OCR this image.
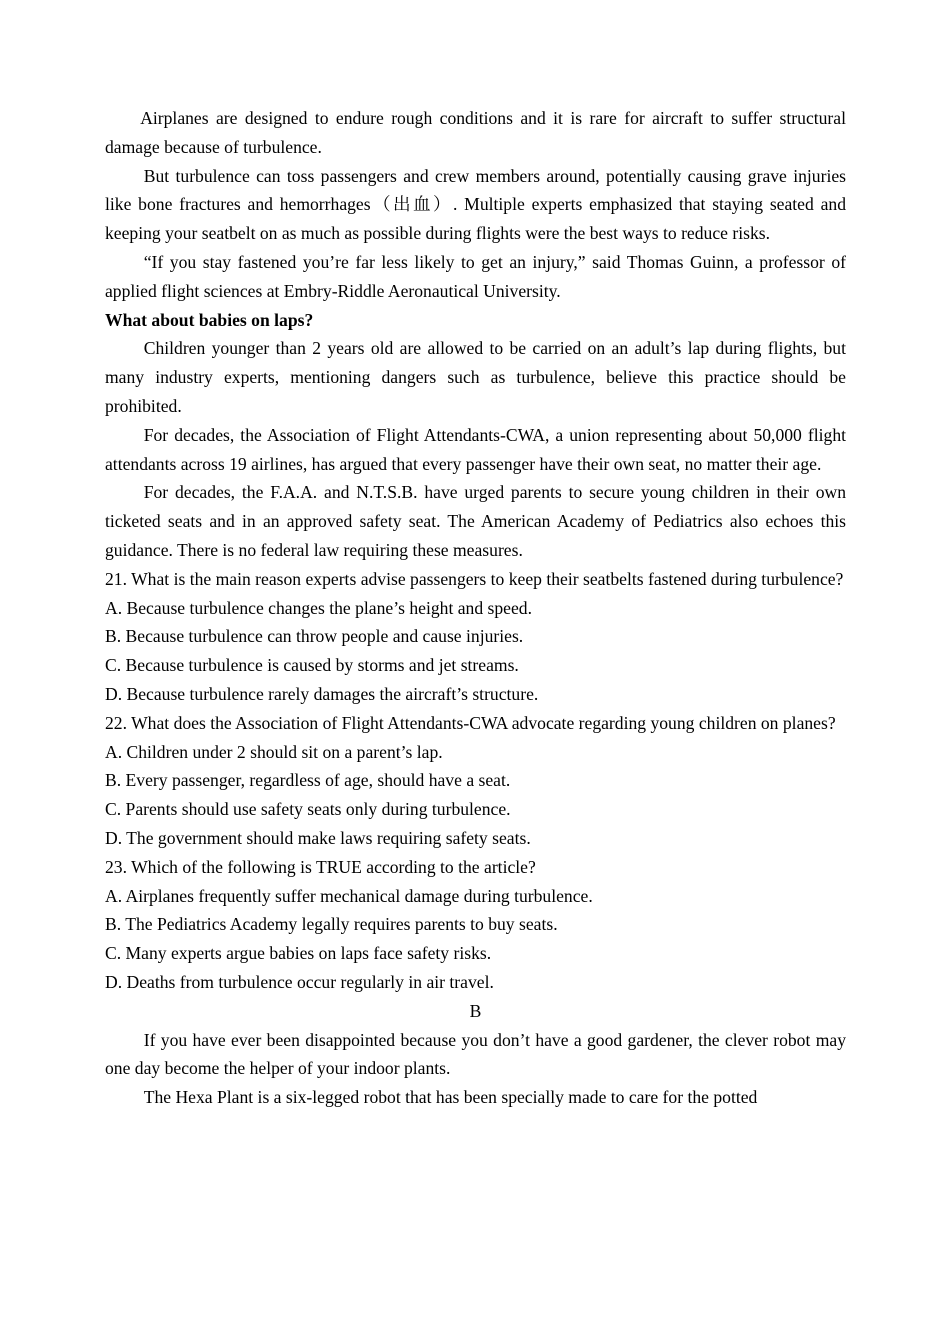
Airplanes are designed to endure rough conditions and it is rare for aircraft to suffer structural damage because of turbulence.

But turbulence can toss passengers and crew members around, potentially causing grave injuries like bone fractures and hemorrhages（出血）. Multiple experts emphasized that staying seated and keeping your seatbelt on as much as possible during flights were the best ways to reduce risks.

“If you stay fastened you’re far less likely to get an injury,” said Thomas Guinn, a professor of applied flight sciences at Embry-Riddle Aeronautical University.

What about babies on laps?

Children younger than 2 years old are allowed to be carried on an adult’s lap during flights, but many industry experts, mentioning dangers such as turbulence, believe this practice should be prohibited.

For decades, the Association of Flight Attendants-CWA, a union representing about 50,000 flight attendants across 19 airlines, has argued that every passenger have their own seat, no matter their age.

For decades, the F.A.A. and N.T.S.B. have urged parents to secure young children in their own ticketed seats and in an approved safety seat. The American Academy of Pediatrics also echoes this guidance. There is no federal law requiring these measures.

21. What is the main reason experts advise passengers to keep their seatbelts fastened during turbulence?

A. Because turbulence changes the plane’s height and speed.

B. Because turbulence can throw people and cause injuries.

C. Because turbulence is caused by storms and jet streams.

D. Because turbulence rarely damages the aircraft’s structure.

22. What does the Association of Flight Attendants-CWA advocate regarding young children on planes?

A. Children under 2 should sit on a parent’s lap.

B. Every passenger, regardless of age, should have a seat.

C. Parents should use safety seats only during turbulence.

D. The government should make laws requiring safety seats.

23. Which of the following is TRUE according to the article?

A. Airplanes frequently suffer mechanical damage during turbulence.

B. The Pediatrics Academy legally requires parents to buy seats.

C. Many experts argue babies on laps face safety risks.

D. Deaths from turbulence occur regularly in air travel.

B

If you have ever been disappointed because you don’t have a good gardener, the clever robot may one day become the helper of your indoor plants.

The Hexa Plant is a six-legged robot that has been specially made to care for the potted
